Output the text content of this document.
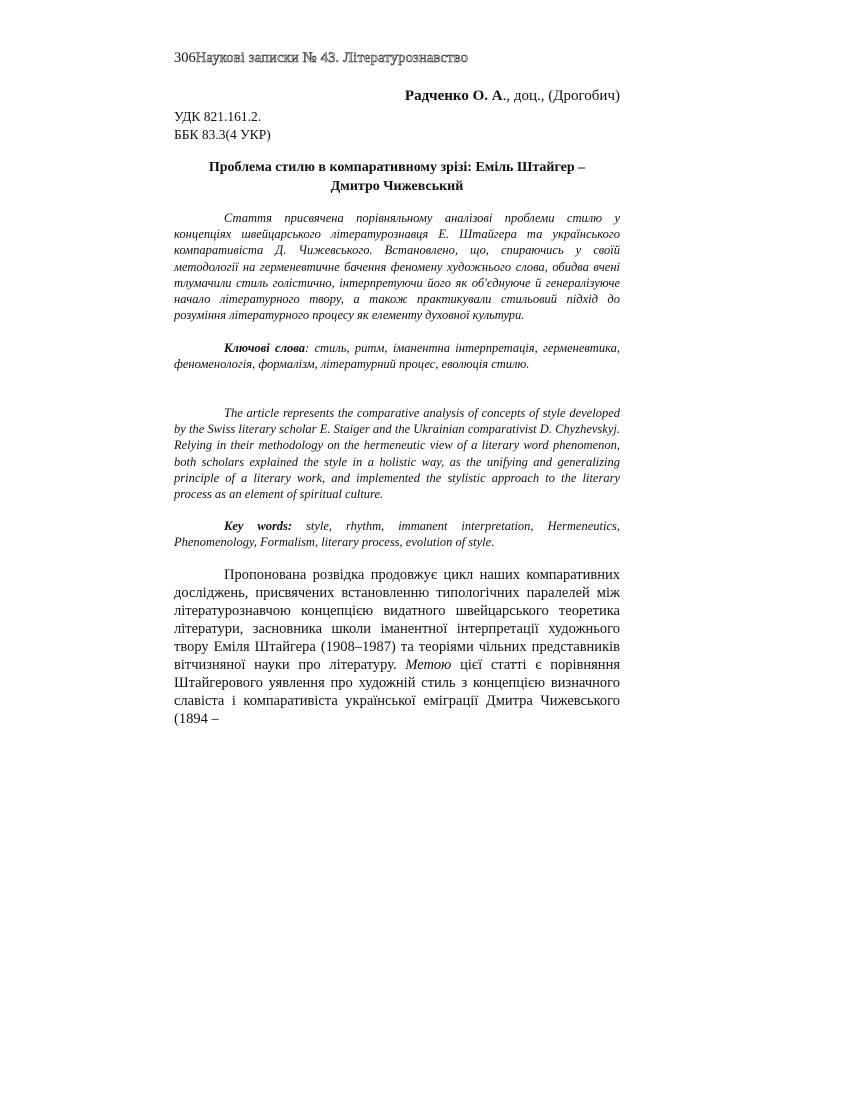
306Наукові записки № 43. Літературознавство
Радченко О. А., доц., (Дрогобич)
УДК 821.161.2.
ББК 83.3(4 УКР)
Проблема стилю в компаративному зрізі: Еміль Штайгер –
Дмитро Чижевський

Стаття присвячена порівняльному аналізові проблеми стилю у концепціях швейцарського літературознавця Е. Штайгера та українського компаративіста Д. Чижевського. Встановлено, що, спираючись у своїй методології на герменевтичне бачення феномену художнього слова, обидва вчені тлумачили стиль голістично, інтерпретуючи його як об'єднуюче й генералізуюче начало літературного твору, а також практикували стильовий підхід до розуміння літературного процесу як елементу духовної культури.

Ключові слова: стиль, ритм, іманентна інтерпретація, герменевтика, феноменологія, формалізм, літературний процес, еволюція стилю.

The article represents the comparative analysis of concepts of style developed by the Swiss literary scholar E. Staiger and the Ukrainian comparativist D. Chyzhevskyj. Relying in their methodology on the hermeneutic view of a literary word phenomenon, both scholars explained the style in a holistic way, as the unifying and generalizing principle of a literary work, and implemented the stylistic approach to the literary process as an element of spiritual culture.

Key words: style, rhythm, immanent interpretation, Hermeneutics, Phenomenology, Formalism, literary process, evolution of style.

Пропонована розвідка продовжує цикл наших компаративних досліджень, присвячених встановленню типологічних паралелей між літературознавчою концепцією видатного швейцарського теоретика літератури, засновника школи іманентної інтерпретації художнього твору Еміля Штайгера (1908–1987) та теоріями чільних представників вітчизняної науки про літературу. Метою цієї статті є порівняння Штайгерового уявлення про художній стиль з концепцією визначного славіста і компаративіста української еміграції Дмитра Чижевського (1894 –
